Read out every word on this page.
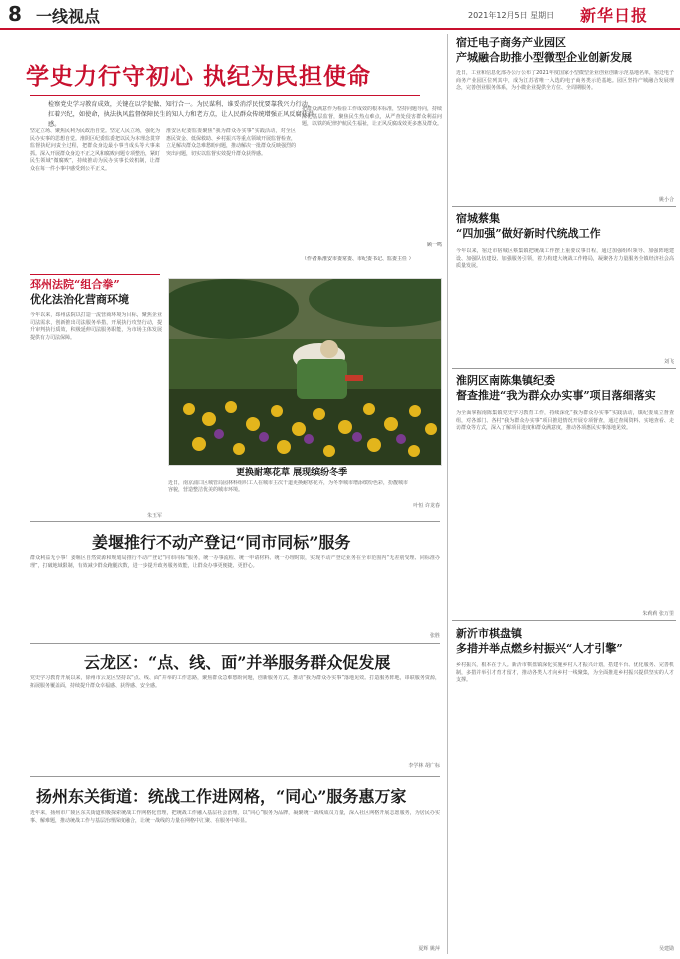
8 一线视点	2021年12月5日 星期日 新华日报
学史力行守初心 执纪为民担使命
检察党史学习教育成效，关键在以学促做、知行合一。为民谋利、谁妥消浮民忧要靠我兴力行动，扛着兴纪，如使命，执法执风监督保障民生的知人力和老方点，让人民群众传统增强正风反腐获得感。
坚定立场、聚焦民利为民政治自觉。坚定人民立场，强化为民办实事的思想自觉。淮阴区纪委监委把以民为本理念贯穿监督执纪问责全过程，把群众身边最小事当成头等大事来抓。深入开展群众身边不正之风和腐败问题专项整治，紧盯民生领域“微腐败”，持续推动为民办实事长效机制，让群众在每一件小事中感受到公平正义。
淮安区纪委监委聚焦“我为群众办实事”实践活动，对全区惠民资金、低保救助、乡村振兴等重点领域开展监督检查，立足解决群众急难愁盼问题，推动解决一批群众反映强烈的突出问题，切实以监督实效提升群众获得感。
把群众满意作为检验工作成效的根本标准，坚持问题导向，持续深化基层监督，聚焦民生热点难点，从严查处侵害群众利益问题，以铁的纪律护航民生福祉，让正风反腐成效更多惠及群众。
（作者系淮安市委常委、市纪委书记、监委主任 ）
顾一鸣
邳州法院“组合拳”
优化法治化营商环境
今年以来，邳州法院以打造一流营商环境为目标，聚焦企业司法需求，创新推出司法服务举措，开展执行攻坚行动，提升审判执行质效，积极延伸司法服务职能，为市场主体发展提供有力司法保障。
朱玉军
更换耐寒花草 展现缤纷冬季
近日，南京浦口区城管局园林科组织工人在城市主次干道更换耐寒花卉，为冬季城市增添缤纷色彩，扮靓城市容貌，营造整洁优美的城市环境。
叶恒 许龙春
姜堰推行不动产登记“同市同标”服务
群众利益无小事！姜堰区自然资源和规划局推行不动产登记“同市同标”服务，统一办事流程、统一申请材料、统一办理时限，实现不动产登记业务在全市范围内“无差别受理、同标准办理”，打破地域限制，有效减少群众跑腿次数，进一步提升政务服务效能，让群众办事更便捷、更舒心。
张胜
云龙区：“点、线、面”并举服务群众促发展
党史学习教育开展以来，徐州市云龙区坚持以“点、线、面”并举的工作思路，聚焦群众急难愁盼问题，创新服务方式，推动“我为群众办实事”落地见效。打造服务阵地，串联服务资源，拓展服务覆盖面，持续提升群众幸福感、获得感、安全感。
李学林 胡广标
扬州东关街道：统战工作进网格，“同心”服务惠万家
近年来，扬州市广陵区东关街道积极探索统战工作网格化管理，把统战工作融入基层社会治理，以“同心”服务为品牌，凝聚统一战线成员力量，深入社区网格开展志愿服务，为居民办实事、解难题，推动统战工作与基层治理深度融合，让统一战线的力量在网格中汇聚、在服务中彰显。
夏辉 姚萍
宿迁电子商务产业园区
产城融合助推小型微型企业创新发展
近日，工业和信息化部办公厅公布了2021年度国家小型微型企业创业创新示范基地名单，宿迁电子商务产业园区位列其中，成为江苏省唯一入选的电子商务类示范基地。园区坚持产城融合发展理念，完善创业服务体系，为小微企业提供全方位、全周期服务。
姚小合
宿城蔡集
“四加强”做好新时代统战工作
今年以来，宿迁市宿城区蔡集镇把统战工作摆上重要议事日程，通过加强组织领导、加强阵地建设、加强队伍建设、加强服务引领，着力构建大统战工作格局，凝聚各方力量服务全镇经济社会高质量发展。
刘飞
淮阴区南陈集镇纪委
督查推进“我为群众办实事”项目落细落实
为全面掌握南陈集镇党史学习教育工作，持续深化“我为群众办实事”实践活动，镇纪委成立督查组，对各部门、各村“我为群众办实事”项目推进情况开展专项督查，通过查阅资料、实地查看、走访群众等方式，深入了解项目进度和群众满意度，推动各项惠民实事落地见效。
朱莉莉 张万里
新沂市棋盘镇
多措并举点燃乡村振兴“人才引擎”
乡村振兴，根本在于人。新沂市棋盘镇深化实施乡村人才振兴计划，搭建平台、优化服务、完善机制，多措并举引才育才留才，推动各类人才向乡村一线聚集，为全面推进乡村振兴提供坚实的人才支撑。
吴建勋
